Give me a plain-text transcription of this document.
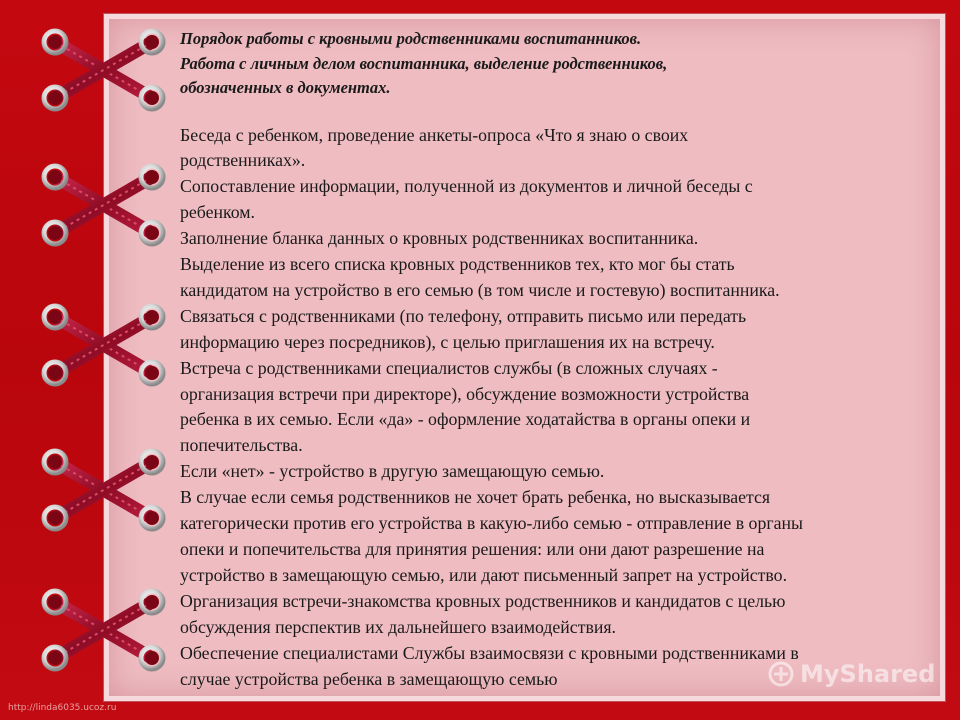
Порядок работы с кровными родственниками воспитанников.

Работа с личным делом воспитанника, выделение родственников,

обозначенных в документах.

Беседа с ребенком, проведение анкеты-опроса «Что я знаю о своих

родственниках».

Сопоставление информации, полученной из документов и личной беседы с

ребенком.

Заполнение бланка данных о кровных родственниках воспитанника.

Выделение из всего списка кровных родственников тех, кто мог бы стать

кандидатом на устройство в его семью (в том числе и гостевую) воспитанника.

Связаться с родственниками (по телефону, отправить письмо или передать

информацию через посредников), с целью приглашения их на встречу.

Встреча с родственниками специалистов службы (в сложных случаях -

организация встречи при директоре), обсуждение возможности устройства

ребенка в их семью. Если «да» - оформление ходатайства в органы опеки и

попечительства.

Если «нет» - устройство в другую замещающую семью.

В случае если семья родственников не хочет брать ребенка, но высказывается

категорически против его устройства в какую-либо семью - отправление в органы

опеки и попечительства для принятия решения: или они дают разрешение на

устройство в замещающую семью, или дают письменный запрет на устройство.

Организация встречи-знакомства кровных родственников и кандидатов с целью

обсуждения перспектив их дальнейшего взаимодействия.

Обеспечение специалистами Службы взаимосвязи с кровными родственниками в

случае устройства ребенка в замещающую семью

http://linda6035.ucoz.ru
MyShared
